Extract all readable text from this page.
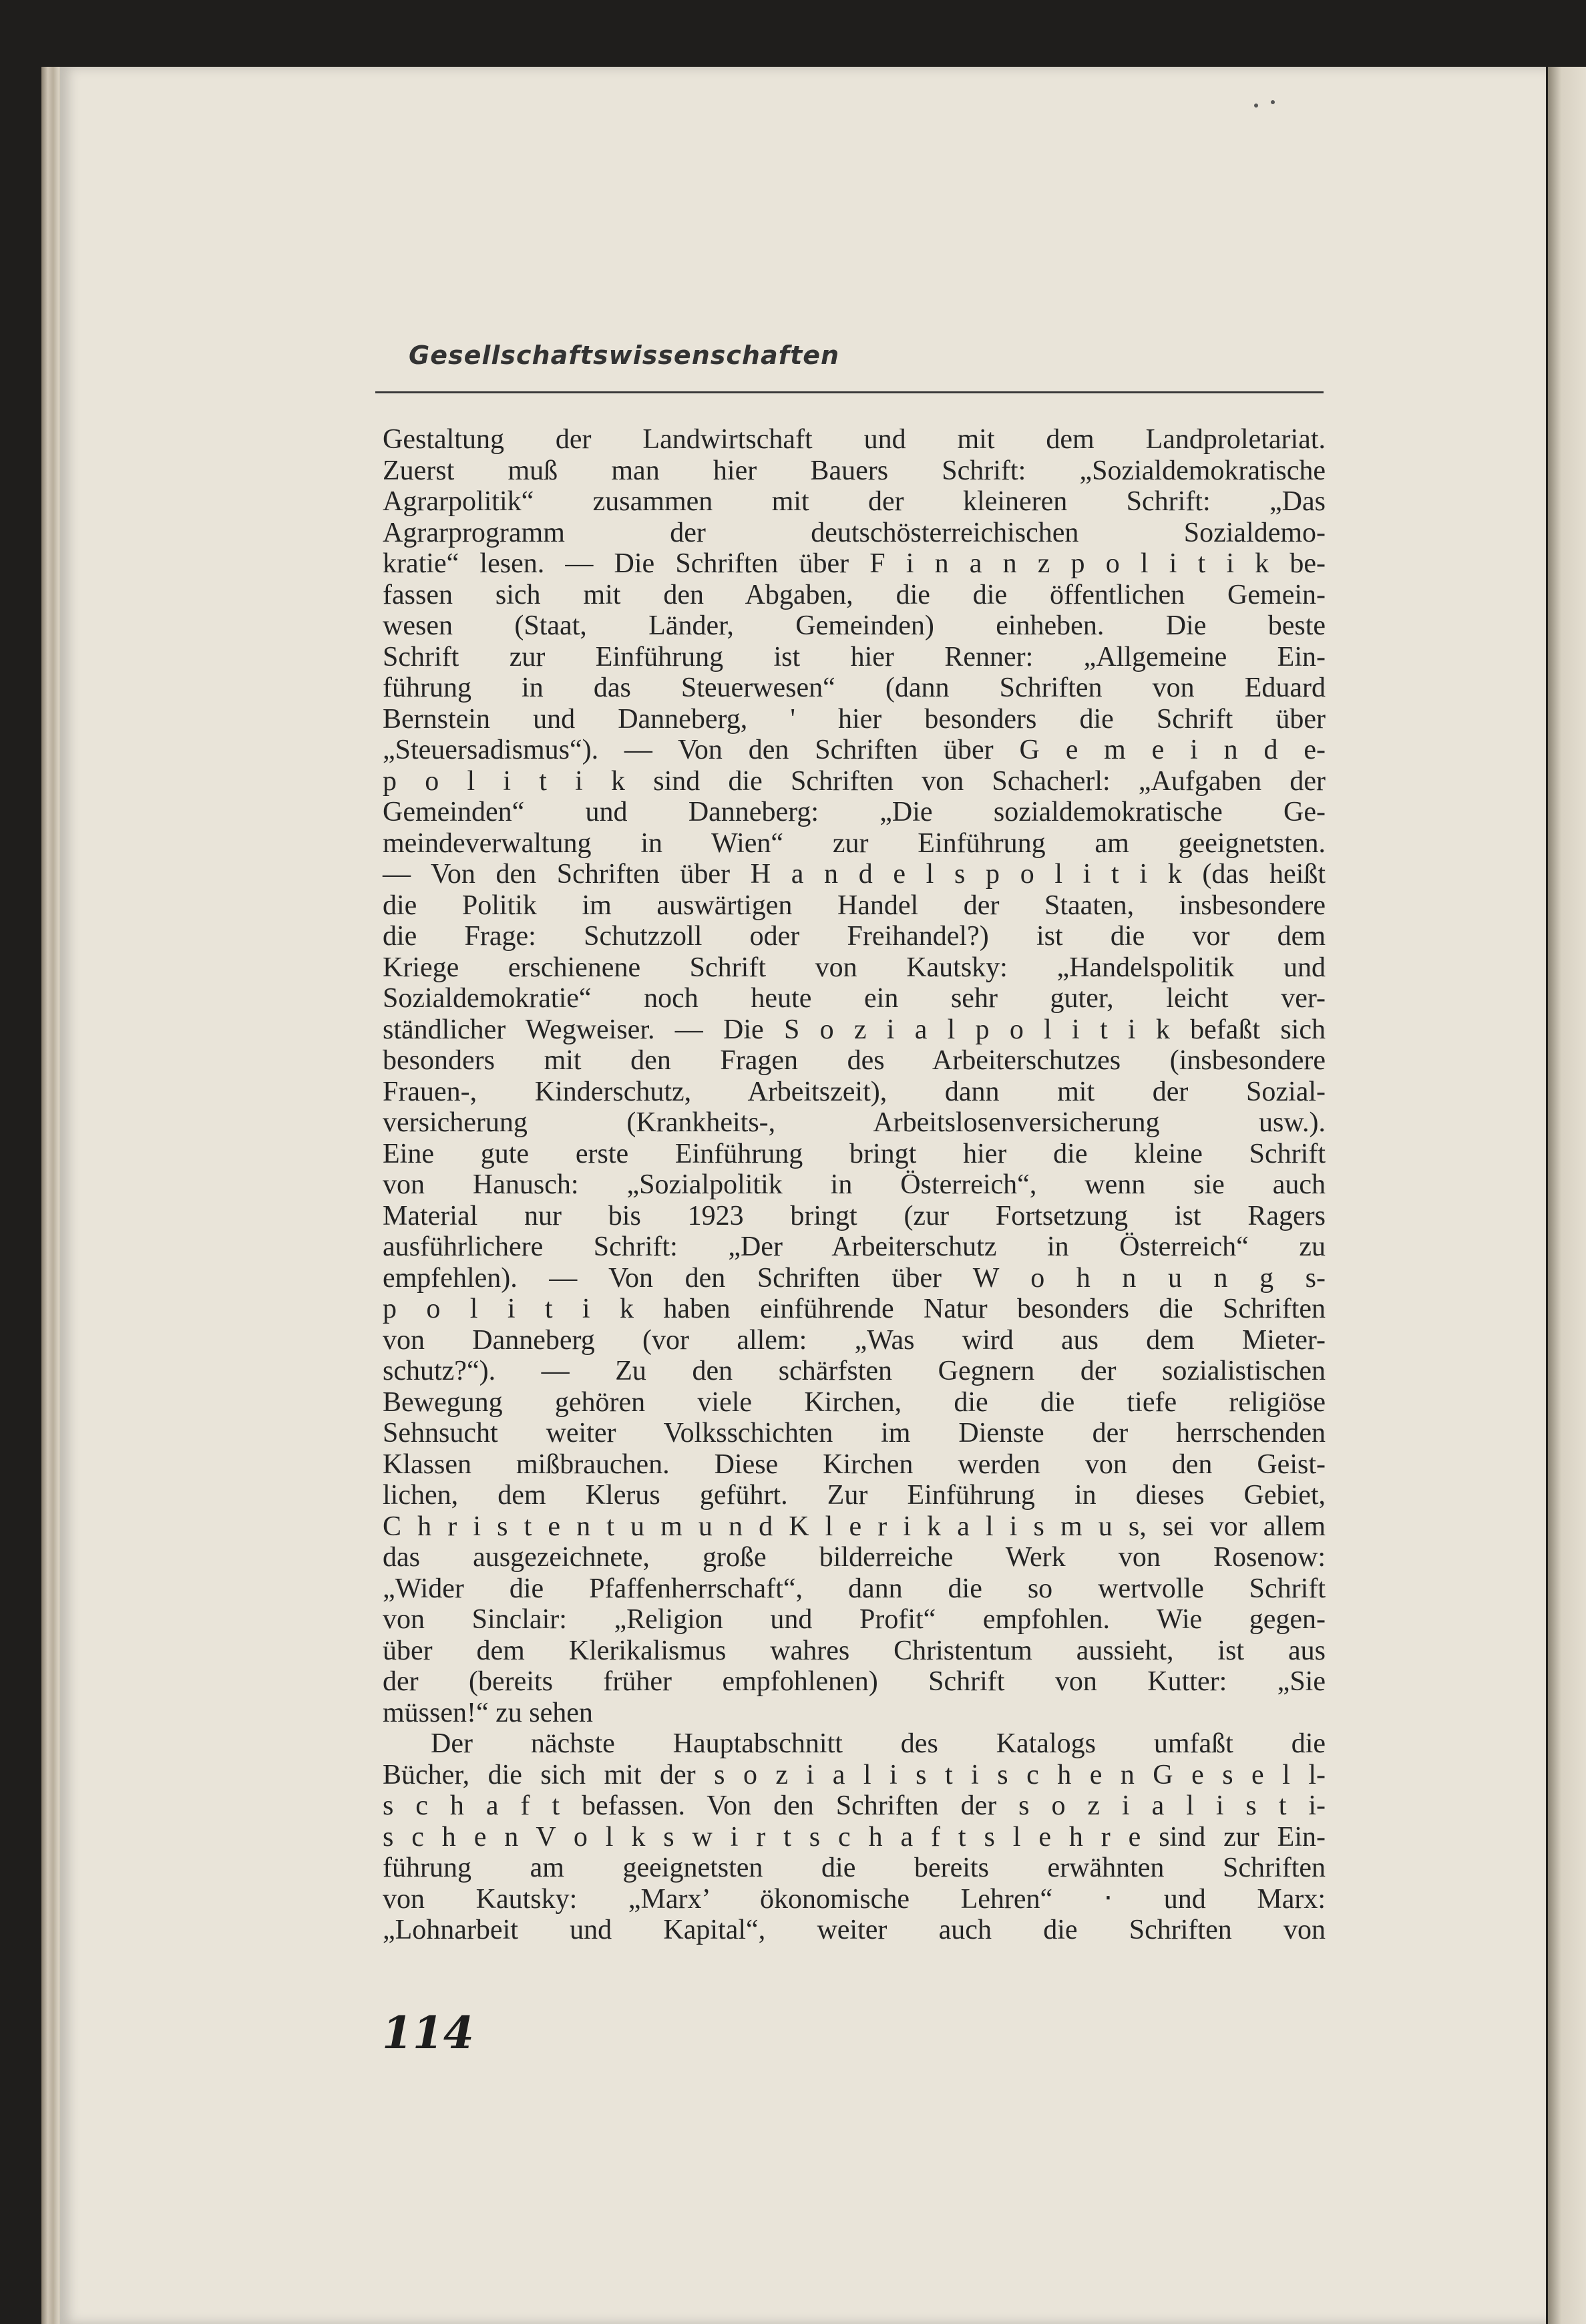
Gesellschaftswissenschaften
Gestaltung der Landwirtschaft und mit dem Landproletariat.
Zuerst muß man hier Bauers Schrift: „Sozialdemokratische
Agrarpolitik“ zusammen mit der kleineren Schrift: „Das
Agrarprogramm der deutschösterreichischen Sozialdemo-
kratie“ lesen. — Die Schriften über F i n a n z p o l i t i k be-
fassen sich mit den Abgaben, die die öffentlichen Gemein-
wesen (Staat, Länder, Gemeinden) einheben. Die beste
Schrift zur Einführung ist hier Renner: „Allgemeine Ein-
führung in das Steuerwesen“ (dann Schriften von Eduard
Bernstein und Danneberg, ' hier besonders die Schrift über
„Steuersadismus“). — Von den Schriften über G e m e i n d e-
p o l i t i k sind die Schriften von Schacherl: „Aufgaben der
Gemeinden“ und Danneberg: „Die sozialdemokratische Ge-
meindeverwaltung in Wien“ zur Einführung am geeignetsten.
— Von den Schriften über H a n d e l s p o l i t i k (das heißt
die Politik im auswärtigen Handel der Staaten, insbesondere
die Frage: Schutzzoll oder Freihandel?) ist die vor dem
Kriege erschienene Schrift von Kautsky: „Handelspolitik und
Sozialdemokratie“ noch heute ein sehr guter, leicht ver-
ständlicher Wegweiser. — Die S o z i a l p o l i t i k befaßt sich
besonders mit den Fragen des Arbeiterschutzes (insbesondere
Frauen-, Kinderschutz, Arbeitszeit), dann mit der Sozial-
versicherung (Krankheits-, Arbeitslosenversicherung usw.).
Eine gute erste Einführung bringt hier die kleine Schrift
von Hanusch: „Sozialpolitik in Österreich“, wenn sie auch
Material nur bis 1923 bringt (zur Fortsetzung ist Ragers
ausführlichere Schrift: „Der Arbeiterschutz in Österreich“ zu
empfehlen). — Von den Schriften über W o h n u n g s-
p o l i t i k haben einführende Natur besonders die Schriften
von Danneberg (vor allem: „Was wird aus dem Mieter-
schutz?“). — Zu den schärfsten Gegnern der sozialistischen
Bewegung gehören viele Kirchen, die die tiefe religiöse
Sehnsucht weiter Volksschichten im Dienste der herrschenden
Klassen mißbrauchen. Diese Kirchen werden von den Geist-
lichen, dem Klerus geführt. Zur Einführung in dieses Gebiet,
C h r i s t e n t u m u n d K l e r i k a l i s m u s, sei vor allem
das ausgezeichnete, große bilderreiche Werk von Rosenow:
„Wider die Pfaffenherrschaft“, dann die so wertvolle Schrift
von Sinclair: „Religion und Profit“ empfohlen. Wie gegen-
über dem Klerikalismus wahres Christentum aussieht, ist aus
der (bereits früher empfohlenen) Schrift von Kutter: „Sie
müssen!“ zu sehen
Der nächste Hauptabschnitt des Katalogs umfaßt die
Bücher, die sich mit der s o z i a l i s t i s c h e n G e s e l l-
s c h a f t befassen. Von den Schriften der s o z i a l i s t i-
s c h e n V o l k s w i r t s c h a f t s l e h r e sind zur Ein-
führung am geeignetsten die bereits erwähnten Schriften
von Kautsky: „Marx’ ökonomische Lehren“ ‧ und Marx:
„Lohnarbeit und Kapital“, weiter auch die Schriften von
114
